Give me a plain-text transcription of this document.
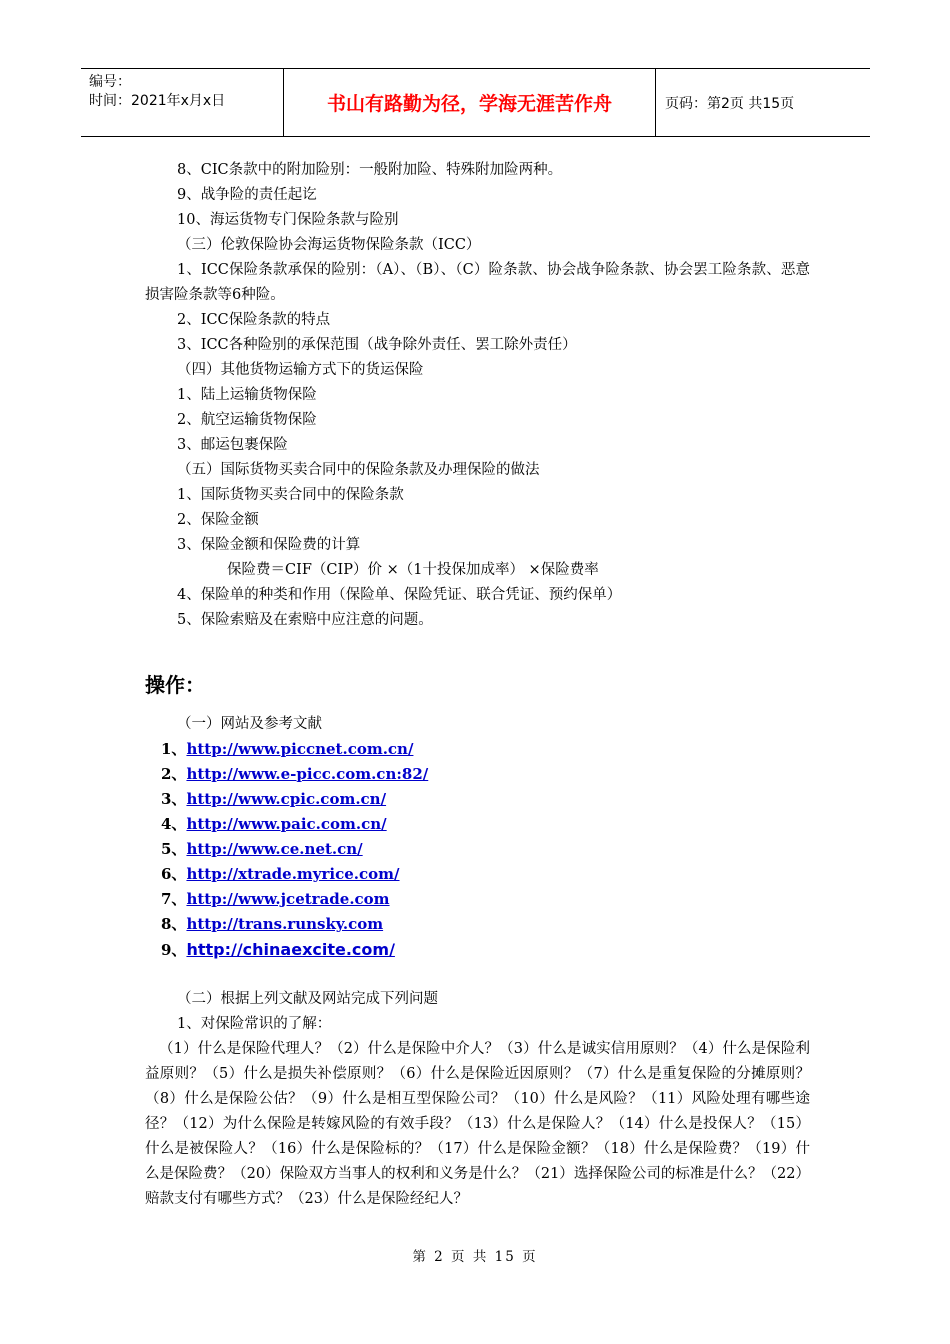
编号：
时间：2021年x月x日	书山有路勤为径，学海无涯苦作舟	页码：第2页 共15页
8、CIC条款中的附加险别：一般附加险、特殊附加险两种。
9、战争险的责任起讫
10、海运货物专门保险条款与险别
（三）伦敦保险协会海运货物保险条款（ICC）
1、ICC保险条款承保的险别：（A）、（B）、（C）险条款、协会战争险条款、协会罢工险条款、恶意损害险条款等6种险。
2、ICC保险条款的特点
3、ICC各种险别的承保范围（战争除外责任、罢工除外责任）
（四）其他货物运输方式下的货运保险
1、陆上运输货物保险
2、航空运输货物保险
3、邮运包裹保险
（五）国际货物买卖合同中的保险条款及办理保险的做法
1、国际货物买卖合同中的保险条款
2、保险金额
3、保险金额和保险费的计算
保险费＝CIF（CIP）价 ×（1十投保加成率） ×保险费率
4、保险单的种类和作用（保险单、保险凭证、联合凭证、预约保单）
5、保险索赔及在索赔中应注意的问题。
操作：
（一）网站及参考文献
1、http://www.piccnet.com.cn/
2、http://www.e-picc.com.cn:82/
3、http://www.cpic.com.cn/
4、http://www.paic.com.cn/
5、http://www.ce.net.cn/
6、http://xtrade.myrice.com/
7、http://www.jcetrade.com
8、http://trans.runsky.com
9、http://chinaexcite.com/
（二）根据上列文献及网站完成下列问题
1、对保险常识的了解：
（1）什么是保险代理人？（2）什么是保险中介人？（3）什么是诚实信用原则？（4）什么是保险利益原则？（5）什么是损失补偿原则？（6）什么是保险近因原则？（7）什么是重复保险的分摊原则？（8）什么是保险公估？（9）什么是相互型保险公司？（10）什么是风险？（11）风险处理有哪些途径？（12）为什么保险是转嫁风险的有效手段？（13）什么是保险人？（14）什么是投保人？（15）什么是被保险人？（16）什么是保险标的？（17）什么是保险金额？（18）什么是保险费？（19）什么是保险费？（20）保险双方当事人的权利和义务是什么？（21）选择保险公司的标准是什么？（22）赔款支付有哪些方式？（23）什么是保险经纪人？
第 2 页 共 15 页
